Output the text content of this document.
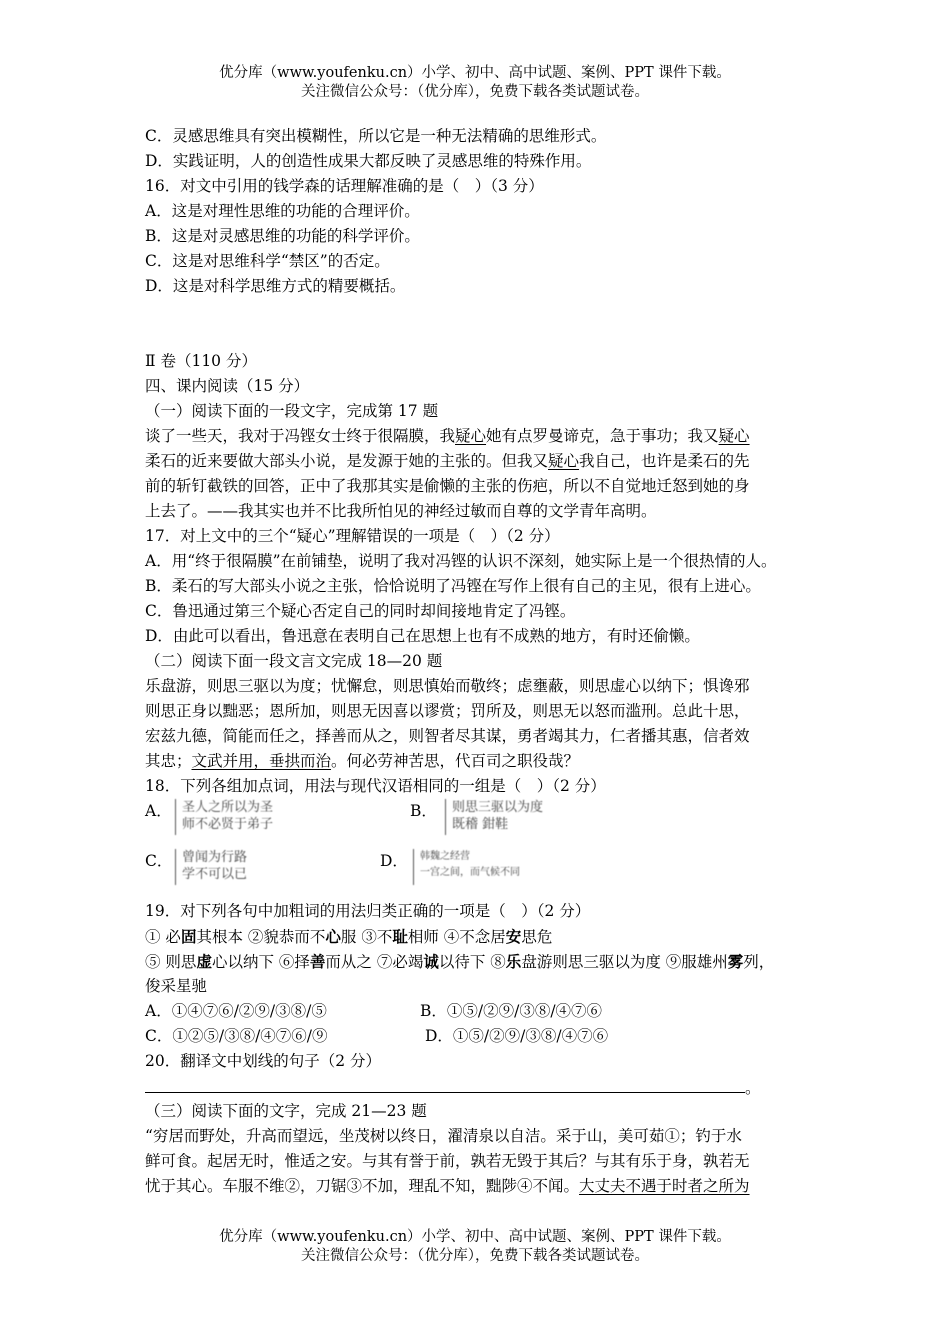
优分库（www.youfenku.cn）小学、初中、高中试题、案例、PPT 课件下载。
关注微信公众号：（优分库），免费下载各类试题试卷。
C．灵感思维具有突出模糊性，所以它是一种无法精确的思维形式。
D．实践证明，人的创造性成果大都反映了灵感思维的特殊作用。
16．对文中引用的钱学森的话理解准确的是（　）（3 分）
A．这是对理性思维的功能的合理评价。
B．这是对灵感思维的功能的科学评价。
C．这是对思维科学“禁区”的否定。
D．这是对科学思维方式的精要概括。
Ⅱ 卷（110 分）
四、课内阅读（15 分）
（一）阅读下面的一段文字，完成第 17 题
谈了一些天，我对于冯铿女士终于很隔膜，我疑心她有点罗曼谛克，急于事功；我又疑心
柔石的近来要做大部头小说，是发源于她的主张的。但我又疑心我自己，也许是柔石的先
前的斩钉截铁的回答，正中了我那其实是偷懒的主张的伤疤，所以不自觉地迁怒到她的身
上去了。——我其实也并不比我所怕见的神经过敏而自尊的文学青年高明。
17．对上文中的三个“疑心”理解错误的一项是（　）（2 分）
A．用“终于很隔膜”在前铺垫，说明了我对冯铿的认识不深刻，她实际上是一个很热情的人。
B．柔石的写大部头小说之主张，恰恰说明了冯铿在写作上很有自己的主见，很有上进心。
C．鲁迅通过第三个疑心否定自己的同时却间接地肯定了冯铿。
D．由此可以看出，鲁迅意在表明自己在思想上也有不成熟的地方，有时还偷懒。
（二）阅读下面一段文言文完成 18—20 题
乐盘游，则思三驱以为度；忧懈怠，则思慎始而敬终；虑壅蔽，则思虚心以纳下；惧谗邪
则思正身以黜恶；恩所加，则思无因喜以谬赏；罚所及，则思无以怒而滥刑。总此十思，
宏兹九德，简能而任之，择善而从之，则智者尽其谋，勇者竭其力，仁者播其惠，信者效
其忠；文武并用，垂拱而治。何必劳神苦思，代百司之职役哉？
18．下列各组加点词，用法与现代汉语相同的一组是（　）（2 分）
A． 圣人之所以为圣
师不必贤于弟子
B． 则思三驱以为度
既稽 鉗鞋
C． 曾闻为行路
学不可以已
D． 韩魏之经营
一宫之间，而气候不同
19．对下列各句中加粗词的用法归类正确的一项是（　）（2 分）
① 必固其根本 ②貌恭而不心服 ③不耻相师 ④不念居安思危
⑤ 则思虚心以纳下 ⑥择善而从之 ⑦必竭诚以待下 ⑧乐盘游则思三驱以为度 ⑨服雄州雾列，
俊采星驰
A．①④⑦⑥/②⑨/③⑧/⑤	B．①⑤/②⑨/③⑧/④⑦⑥
C．①②⑤/③⑧/④⑦⑥/⑨	D．①⑤/②⑨/③⑧/④⑦⑥
20．翻译文中划线的句子（2 分）
。
（三）阅读下面的文字，完成 21—23 题
“穷居而野处，升高而望远，坐茂树以终日，濯清泉以自洁。采于山，美可茹①；钓于水
鲜可食。起居无时，惟适之安。与其有誉于前，孰若无毁于其后？与其有乐于身，孰若无
忧于其心。车服不维②，刀锯③不加，理乱不知，黜陟④不闻。大丈夫不遇于时者之所为
优分库（www.youfenku.cn）小学、初中、高中试题、案例、PPT 课件下载。
关注微信公众号：（优分库），免费下载各类试题试卷。
